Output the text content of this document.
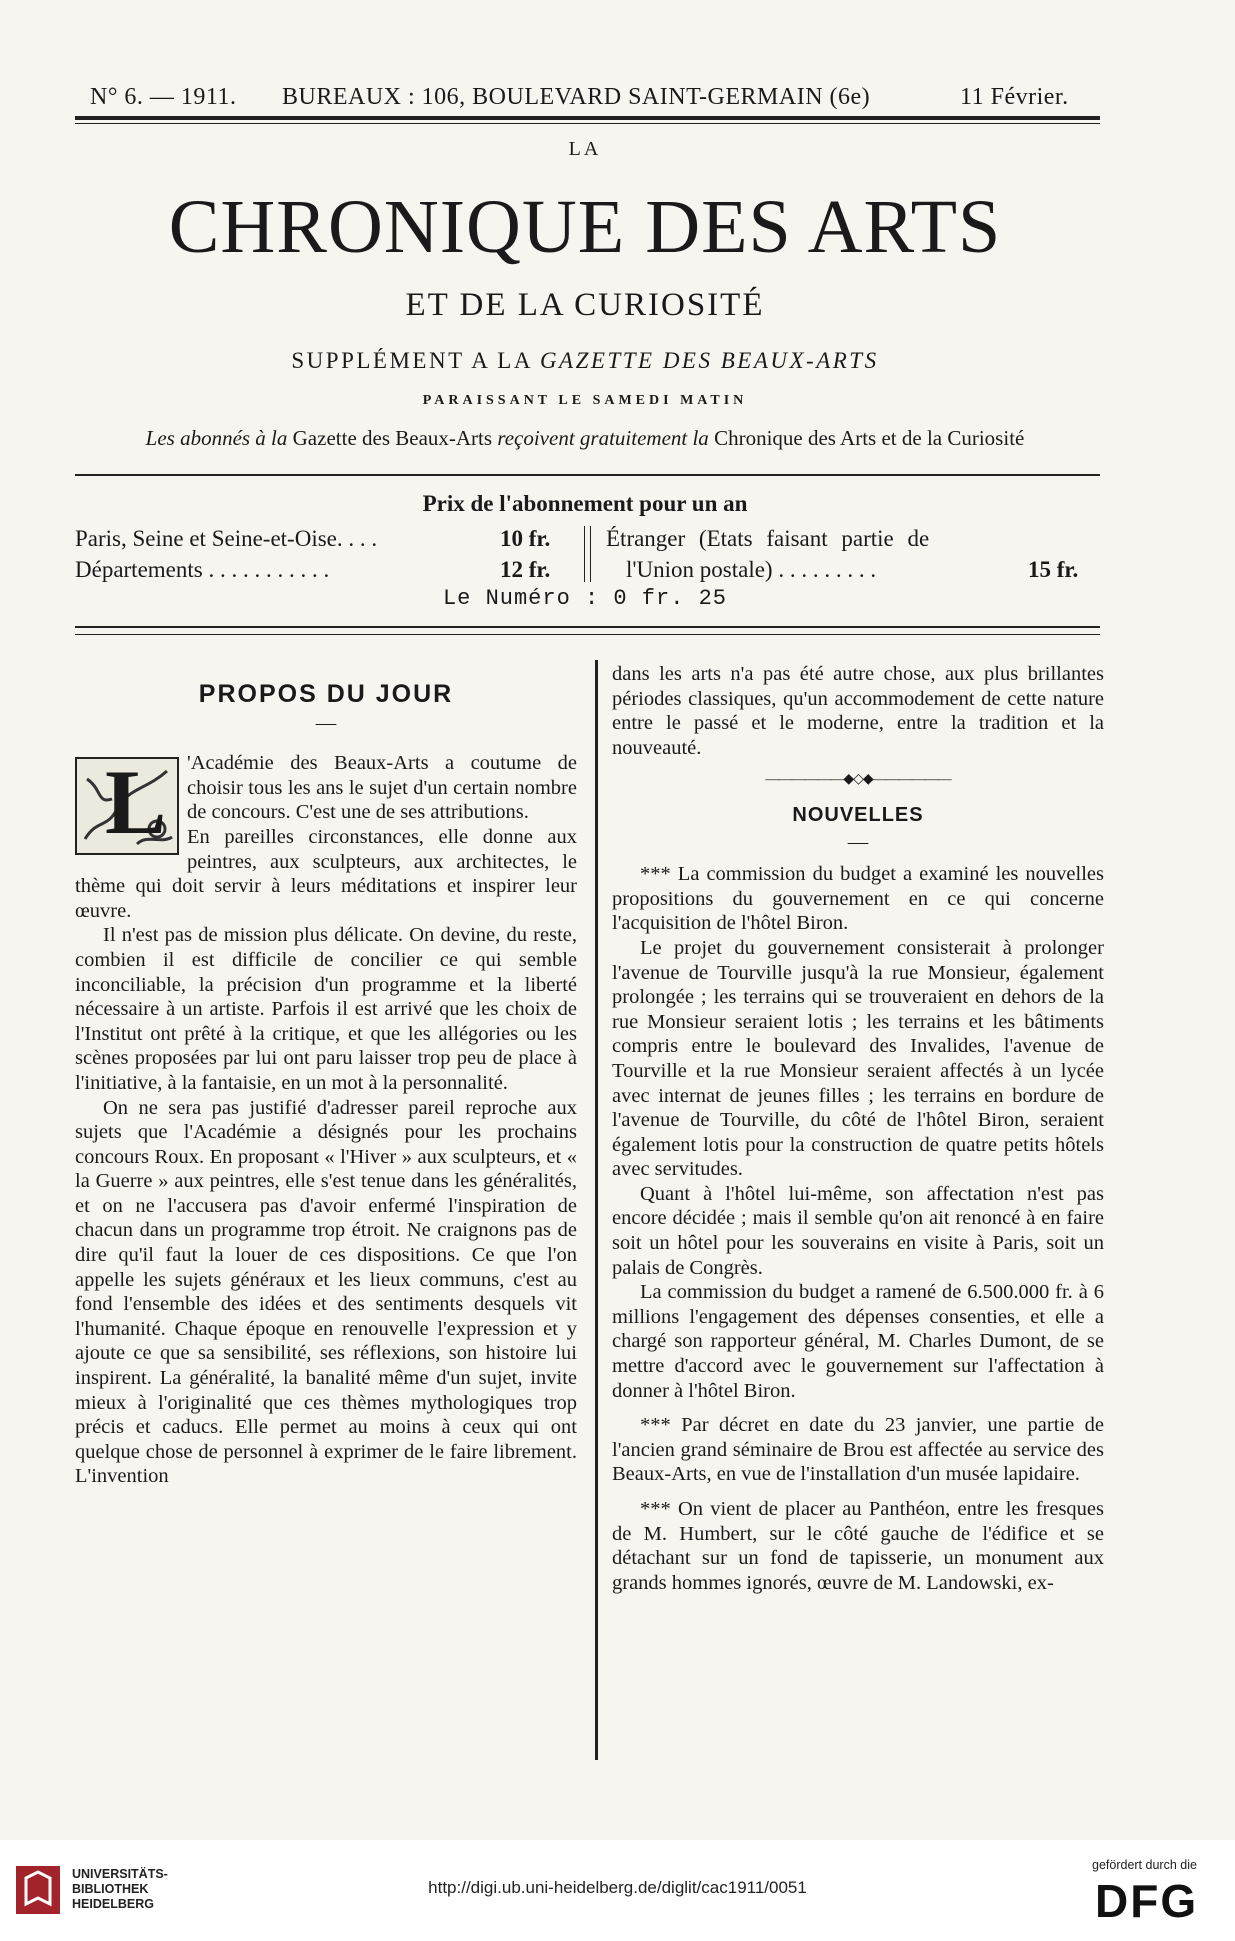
N° 6. — 1911. BUREAUX : 106, BOULEVARD SAINT-GERMAIN (6e)	11 Février.
LA
CHRONIQUE DES ARTS
ET DE LA CURIOSITÉ
SUPPLÉMENT A LA GAZETTE DES BEAUX-ARTS
PARAISSANT LE SAMEDI MATIN
Les abonnés à la Gazette des Beaux-Arts reçoivent gratuitement la Chronique des Arts et de la Curiosité
Prix de l'abonnement pour un an
Paris, Seine et Seine-et-Oise. . . .	10 fr.
Départements . . . . . . . . . . .	12 fr.
Étranger (Etats faisant partie de
l'Union postale) . . . . . . . . .	15 fr.
Le Numéro : 0 fr. 25
PROPOS DU JOUR
—
L	'Académie des Beaux-Arts a coutume de choisir tous les ans le sujet d'un certain nombre de concours. C'est une de ses attributions.

En pareilles circonstances, elle donne aux peintres, aux sculpteurs, aux architectes, le thème qui doit servir à leurs méditations et inspirer leur œuvre.

Il n'est pas de mission plus délicate. On devine, du reste, combien il est difficile de concilier ce qui semble inconciliable, la précision d'un programme et la liberté nécessaire à un artiste. Parfois il est arrivé que les choix de l'Institut ont prêté à la critique, et que les allégories ou les scènes proposées par lui ont paru laisser trop peu de place à l'initiative, à la fantaisie, en un mot à la personnalité.

On ne sera pas justifié d'adresser pareil reproche aux sujets que l'Académie a désignés pour les prochains concours Roux. En proposant « l'Hiver » aux sculpteurs, et « la Guerre » aux peintres, elle s'est tenue dans les généralités, et on ne l'accusera pas d'avoir enfermé l'inspiration de chacun dans un programme trop étroit. Ne craignons pas de dire qu'il faut la louer de ces dispositions. Ce que l'on appelle les sujets généraux et les lieux communs, c'est au fond l'ensemble des idées et des sentiments desquels vit l'humanité. Chaque époque en renouvelle l'expression et y ajoute ce que sa sensibilité, ses réflexions, son histoire lui inspirent. La généralité, la banalité même d'un sujet, invite mieux à l'originalité que ces thèmes mythologiques trop précis et caducs. Elle permet au moins à ceux qui ont quelque chose de personnel à exprimer de le faire librement. L'invention

dans les arts n'a pas été autre chose, aux plus brillantes périodes classiques, qu'un accommodement de cette nature entre le passé et le moderne, entre la tradition et la nouveauté.

——————◆◇◆——————
NOUVELLES
—

*** La commission du budget a examiné les nouvelles propositions du gouvernement en ce qui concerne l'acquisition de l'hôtel Biron.

Le projet du gouvernement consisterait à prolonger l'avenue de Tourville jusqu'à la rue Monsieur, également prolongée ; les terrains qui se trouveraient en dehors de la rue Monsieur seraient lotis ; les terrains et les bâtiments compris entre le boulevard des Invalides, l'avenue de Tourville et la rue Monsieur seraient affectés à un lycée avec internat de jeunes filles ; les terrains en bordure de l'avenue de Tourville, du côté de l'hôtel Biron, seraient également lotis pour la construction de quatre petits hôtels avec servitudes.

Quant à l'hôtel lui-même, son affectation n'est pas encore décidée ; mais il semble qu'on ait renoncé à en faire soit un hôtel pour les souverains en visite à Paris, soit un palais de Congrès.

La commission du budget a ramené de 6.500.000 fr. à 6 millions l'engagement des dépenses consenties, et elle a chargé son rapporteur général, M. Charles Dumont, de se mettre d'accord avec le gouvernement sur l'affectation à donner à l'hôtel Biron.

*** Par décret en date du 23 janvier, une partie de l'ancien grand séminaire de Brou est affectée au service des Beaux-Arts, en vue de l'installation d'un musée lapidaire.

*** On vient de placer au Panthéon, entre les fresques de M. Humbert, sur le côté gauche de l'édifice et se détachant sur un fond de tapisserie, un monument aux grands hommes ignorés, œuvre de M. Landowski, ex-

UNIVERSITÄTS-
BIBLIOTHEK
HEIDELBERG
http://digi.ub.uni-heidelberg.de/diglit/cac1911/0051
gefördert durch die
DFG
